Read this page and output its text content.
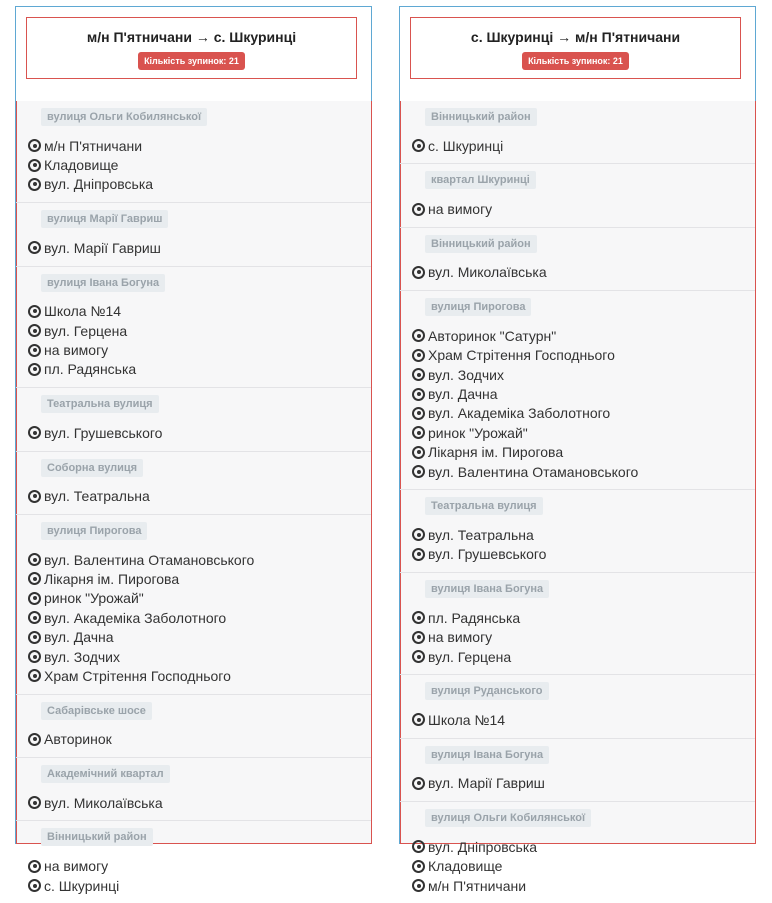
м/н П'ятничани → с. Шкуринці
Кількість зупинок: 21
вулиця Ольги Кобилянської
м/н П'ятничани
Кладовище
вул. Дніпровська
вулиця Марії Гавриш
вул. Марії Гавриш
вулиця Івана Богуна
Школа №14
вул. Герцена
на вимогу
пл. Радянська
Театральна вулиця
вул. Грушевського
Соборна вулиця
вул. Театральна
вулиця Пирогова
вул. Валентина Отамановського
Лікарня ім. Пирогова
ринок "Урожай"
вул. Академіка Заболотного
вул. Дачна
вул. Зодчих
Храм Стрітення Господнього
Сабарівське шосе
Авторинок
Академічний квартал
вул. Миколаївська
Вінницький район
на вимогу
с. Шкуринці
с. Шкуринці → м/н П'ятничани
Кількість зупинок: 21
Вінницький район
с. Шкуринці
квартал Шкуринці
на вимогу
Вінницький район
вул. Миколаївська
вулиця Пирогова
Авторинок "Сатурн"
Храм Стрітення Господнього
вул. Зодчих
вул. Дачна
вул. Академіка Заболотного
ринок "Урожай"
Лікарня ім. Пирогова
вул. Валентина Отамановського
Театральна вулиця
вул. Театральна
вул. Грушевського
вулиця Івана Богуна
пл. Радянська
на вимогу
вул. Герцена
вулиця Руданського
Школа №14
вулиця Івана Богуна
вул. Марії Гавриш
вулиця Ольги Кобилянської
вул. Дніпровська
Кладовище
м/н П'ятничани
